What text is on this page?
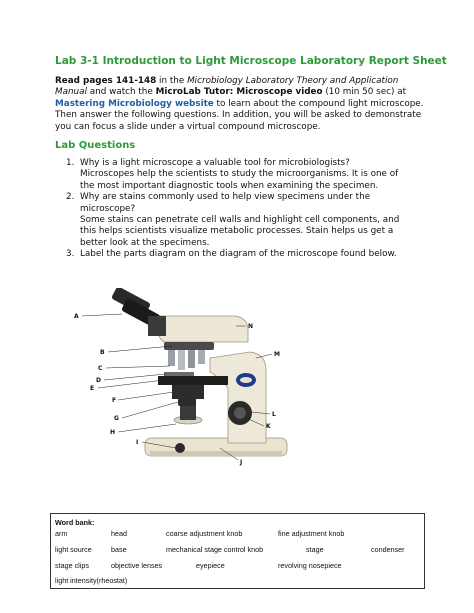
Lab 3-1 Introduction to Light Microscope Laboratory Report Sheet

Read pages 141-148 in the Microbiology Laboratory Theory and Application Manual and watch the MicroLab Tutor: Microscope video (10 min 50 sec) at Mastering Microbiology website to learn about the compound light microscope. Then answer the following questions. In addition, you will be asked to demonstrate you can focus a slide under a virtual compound microscope.

Lab Questions
1. Why is a light microscope a valuable tool for microbiologists?
Microscopes help the scientists to study the microorganisms. It is one of the most important diagnostic tools when examining the specimen.
2. Why are stains commonly used to help view specimens under the microscope?
Some stains can penetrate cell walls and highlight cell components, and this helps scientists visualize metabolic processes. Stain helps us get a better look at the specimens.
3. Label the parts diagram on the diagram of the microscope found below.
A
B
C
D
E
F
G
H
I
J
K
L
M
N
Word bank:
arm	head	coarse adjustment knob	fine adjustment knob
light source	base	mechanical stage control knob	stage	condenser
stage clips	objective lenses	eyepiece	revolving nosepiece
light intensity(rheostat)
